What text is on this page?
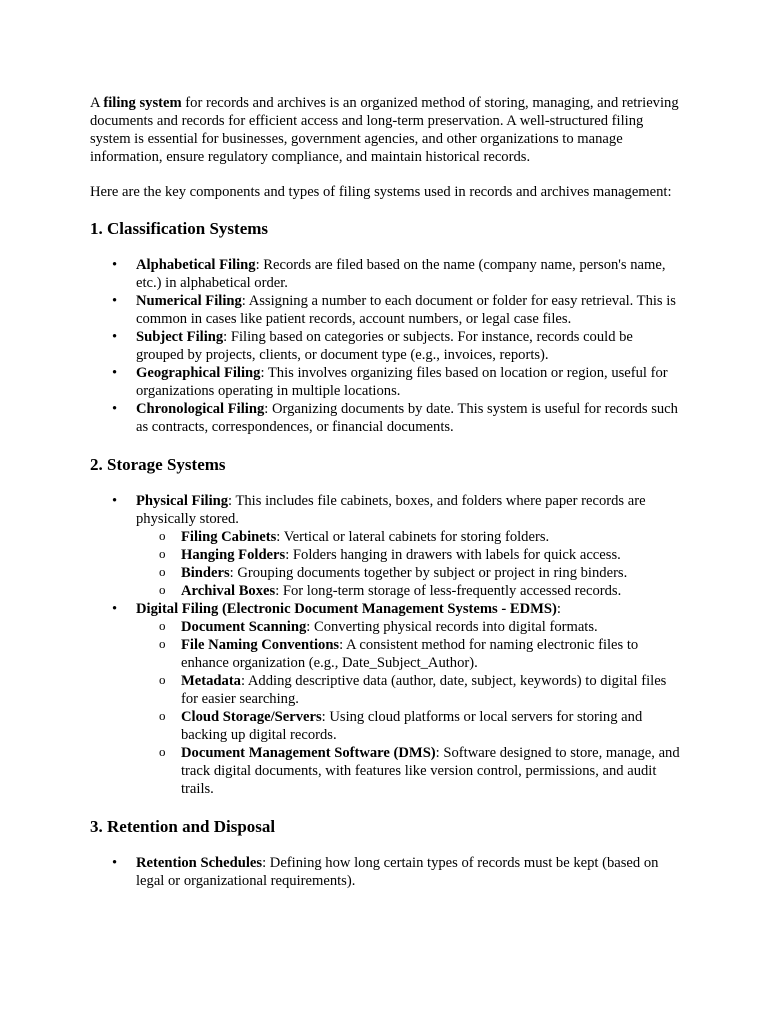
A filing system for records and archives is an organized method of storing, managing, and retrieving documents and records for efficient access and long-term preservation. A well-structured filing system is essential for businesses, government agencies, and other organizations to manage information, ensure regulatory compliance, and maintain historical records.

Here are the key components and types of filing systems used in records and archives management:

1. Classification Systems
• Alphabetical Filing: Records are filed based on the name (company name, person's name, etc.) in alphabetical order.
• Numerical Filing: Assigning a number to each document or folder for easy retrieval. This is common in cases like patient records, account numbers, or legal case files.
• Subject Filing: Filing based on categories or subjects. For instance, records could be grouped by projects, clients, or document type (e.g., invoices, reports).
• Geographical Filing: This involves organizing files based on location or region, useful for organizations operating in multiple locations.
• Chronological Filing: Organizing documents by date. This system is useful for records such as contracts, correspondences, or financial documents.
2. Storage Systems
• Physical Filing: This includes file cabinets, boxes, and folders where paper records are physically stored.
o Filing Cabinets: Vertical or lateral cabinets for storing folders.
o Hanging Folders: Folders hanging in drawers with labels for quick access.
o Binders: Grouping documents together by subject or project in ring binders.
o Archival Boxes: For long-term storage of less-frequently accessed records.
• Digital Filing (Electronic Document Management Systems - EDMS):
o Document Scanning: Converting physical records into digital formats.
o File Naming Conventions: A consistent method for naming electronic files to enhance organization (e.g., Date_Subject_Author).
o Metadata: Adding descriptive data (author, date, subject, keywords) to digital files for easier searching.
o Cloud Storage/Servers: Using cloud platforms or local servers for storing and backing up digital records.
o Document Management Software (DMS): Software designed to store, manage, and track digital documents, with features like version control, permissions, and audit trails.
3. Retention and Disposal
• Retention Schedules: Defining how long certain types of records must be kept (based on legal or organizational requirements).
